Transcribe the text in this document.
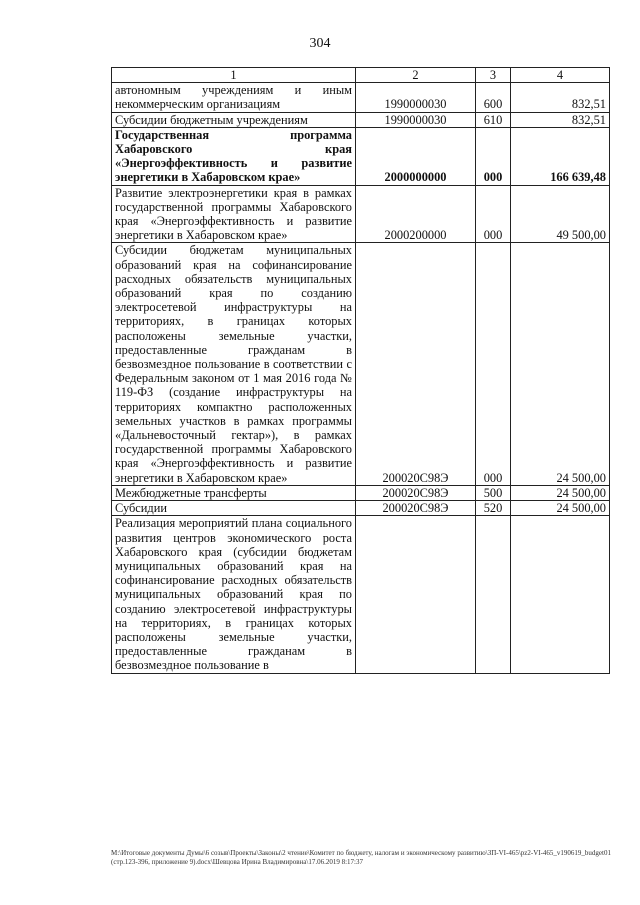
304
1	2	3	4
автономным учреждениям и иным некоммерческим организациям	1990000030	600	832,51
Субсидии бюджетным учреждениям	1990000030	610	832,51
Государственная программа Хабаровского края «Энергоэффективность и развитие энергетики в Хабаровском крае»	2000000000	000	166 639,48
Развитие электроэнергетики края в рамках государственной программы Хабаровского края «Энергоэффективность и развитие энергетики в Хабаровском крае»	2000200000	000	49 500,00
Субсидии бюджетам муниципальных образований края на софинансирование расходных обязательств муниципальных образований края по созданию электросетевой инфраструктуры на территориях, в границах которых расположены земельные участки, предоставленные гражданам в безвозмездное пользование в соответствии с Федеральным законом от 1 мая 2016 года № 119-ФЗ (создание инфраструктуры на территориях компактно расположенных земельных участков в рамках программы «Дальневосточный гектар»), в рамках государственной программы Хабаровского края «Энергоэффективность и развитие энергетики в Хабаровском крае»	200020С98Э	000	24 500,00
Межбюджетные трансферты	200020С98Э	500	24 500,00
Субсидии	200020С98Э	520	24 500,00
Реализация мероприятий плана социального развития центров экономического роста Хабаровского края (субсидии бюджетам муниципальных образований края на софинансирование расходных обязательств муниципальных образований края по созданию электросетевой инфраструктуры на территориях, в границах которых расположены земельные участки, предоставленные гражданам в безвозмездное пользование в			
М:\Итоговые документы Думы\6 созыв\Проекты\Законы\2 чтение\Комитет по бюджету, налогам и экономическому развитию\ЗП-VI-465\pz2-VI-465_v190619_budget01 (стр.123-396, приложение 9).docx\Шевцова Ирина Владимировна\17.06.2019 8:17:37
